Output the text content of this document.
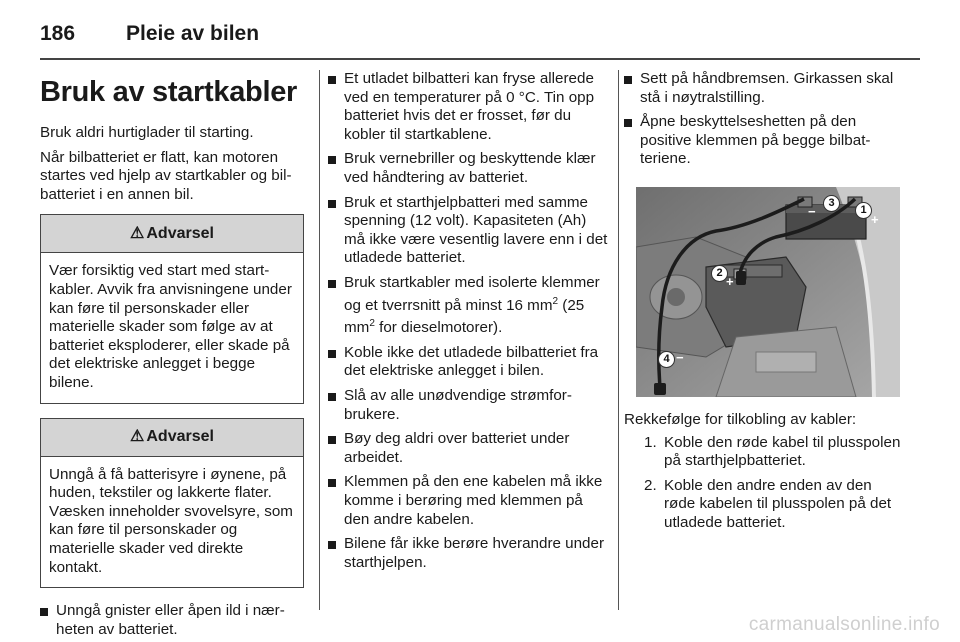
186 Pleie av bilen
Bruk av startkabler

Bruk aldri hurtiglader til starting.

Når bilbatteriet er flatt, kan motoren startes ved hjelp av startkabler og bilbatteriet i en annen bil.

⚠ Advarsel
Vær forsiktig ved start med startkabler. Avvik fra anvisningene under kan føre til personskader eller materielle skader som følge av at batteriet eksploderer, eller skade på det elektriske anlegget i begge bilene.
⚠ Advarsel
Unngå å få batterisyre i øynene, på huden, tekstiler og lakkerte flater. Væsken inneholder svovelsyre, som kan føre til personskader og materielle skader ved direkte kontakt.
Unngå gnister eller åpen ild i nærheten av batteriet.
Et utladet bilbatteri kan fryse allerede ved en temperaturer på 0 °C. Tin opp batteriet hvis det er frosset, før du kobler til startkablene.
Bruk vernebriller og beskyttende klær ved håndtering av batteriet.
Bruk et starthjelpbatteri med samme spenning (12 volt). Kapasiteten (Ah) må ikke være vesentlig lavere enn i det utladede batteriet.
Bruk startkabler med isolerte klemmer og et tverrsnitt på minst 16 $mm^2$ (25 $mm^2$ for dieselmotorer).
Koble ikke det utladede bilbatteriet fra det elektriske anlegget i bilen.
Slå av alle unødvendige strømforbrukere.
Bøy deg aldri over batteriet under arbeidet.
Klemmen på den ene kabelen må ikke komme i berøring med klemmen på den andre kabelen.
Bilene får ikke berøre hverandre under starthjelpen.
Sett på håndbremsen. Girkassen skal stå i nøytralstilling.
Åpne beskyttelseshetten på den positive klemmen på begge bilbatteriene.
3
−	1
+
2
+
4 −

Rekkefølge for tilkobling av kabler:

1. Koble den røde kabel til plusspolen på starthjelpbatteriet.
2. Koble den andre enden av den røde kabelen til plusspolen på det utladede batteriet.
carmanualsonline.info
